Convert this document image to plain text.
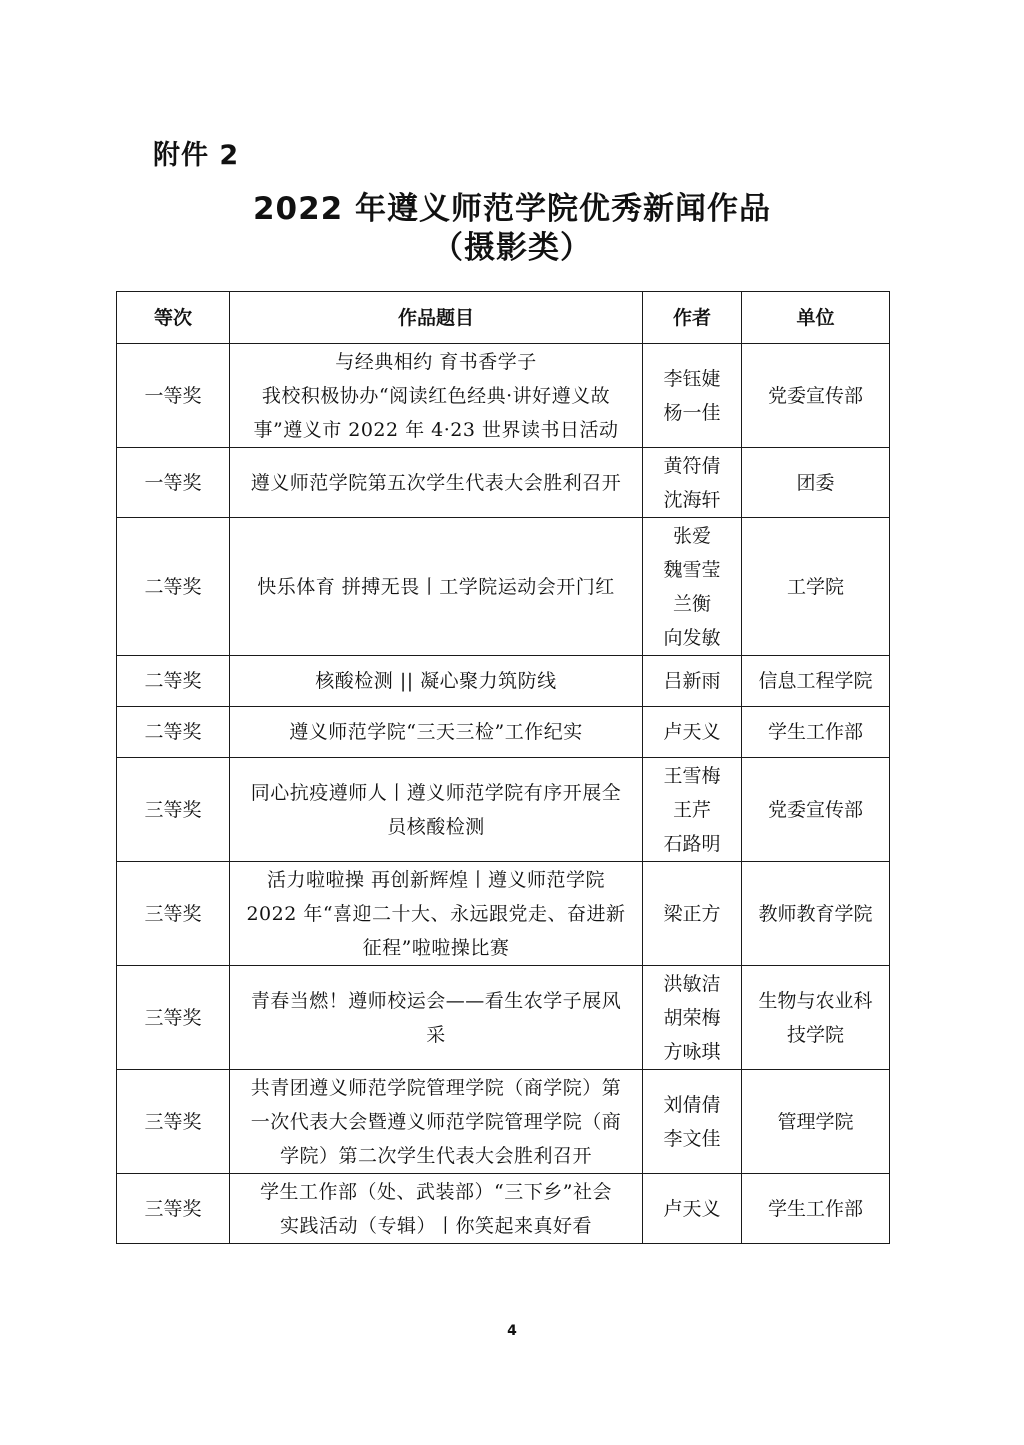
附件 2
2022 年遵义师范学院优秀新闻作品
（摄影类）
等次	作品题目	作者	单位
一等奖	与经典相约 育书香学子
我校积极协办“阅读红色经典·讲好遵义故
事”遵义市 2022 年 4·23 世界读书日活动	李钰婕
杨一佳	党委宣传部

一等奖	遵义师范学院第五次学生代表大会胜利召开	黄符倩
沈海轩	团委

二等奖	快乐体育 拼搏无畏丨工学院运动会开门红	张爱
魏雪莹
兰衡
向发敏	工学院

二等奖	核酸检测 || 凝心聚力筑防线	吕新雨	信息工程学院

二等奖	遵义师范学院“三天三检”工作纪实	卢天义	学生工作部

三等奖	同心抗疫遵师人丨遵义师范学院有序开展全
员核酸检测	王雪梅
王芹
石路明	党委宣传部

三等奖	活力啦啦操 再创新辉煌丨遵义师范学院
2022 年“喜迎二十大、永远跟党走、奋进新
征程”啦啦操比赛	梁正方	教师教育学院

三等奖	青春当燃！遵师校运会——看生农学子展风
采	洪敏洁
胡荣梅
方咏琪	生物与农业科
技学院

三等奖	共青团遵义师范学院管理学院（商学院）第
一次代表大会暨遵义师范学院管理学院（商
学院）第二次学生代表大会胜利召开	刘倩倩
李文佳	管理学院

三等奖	学生工作部（处、武装部）“三下乡”社会
实践活动（专辑）丨你笑起来真好看	卢天义	学生工作部
4
